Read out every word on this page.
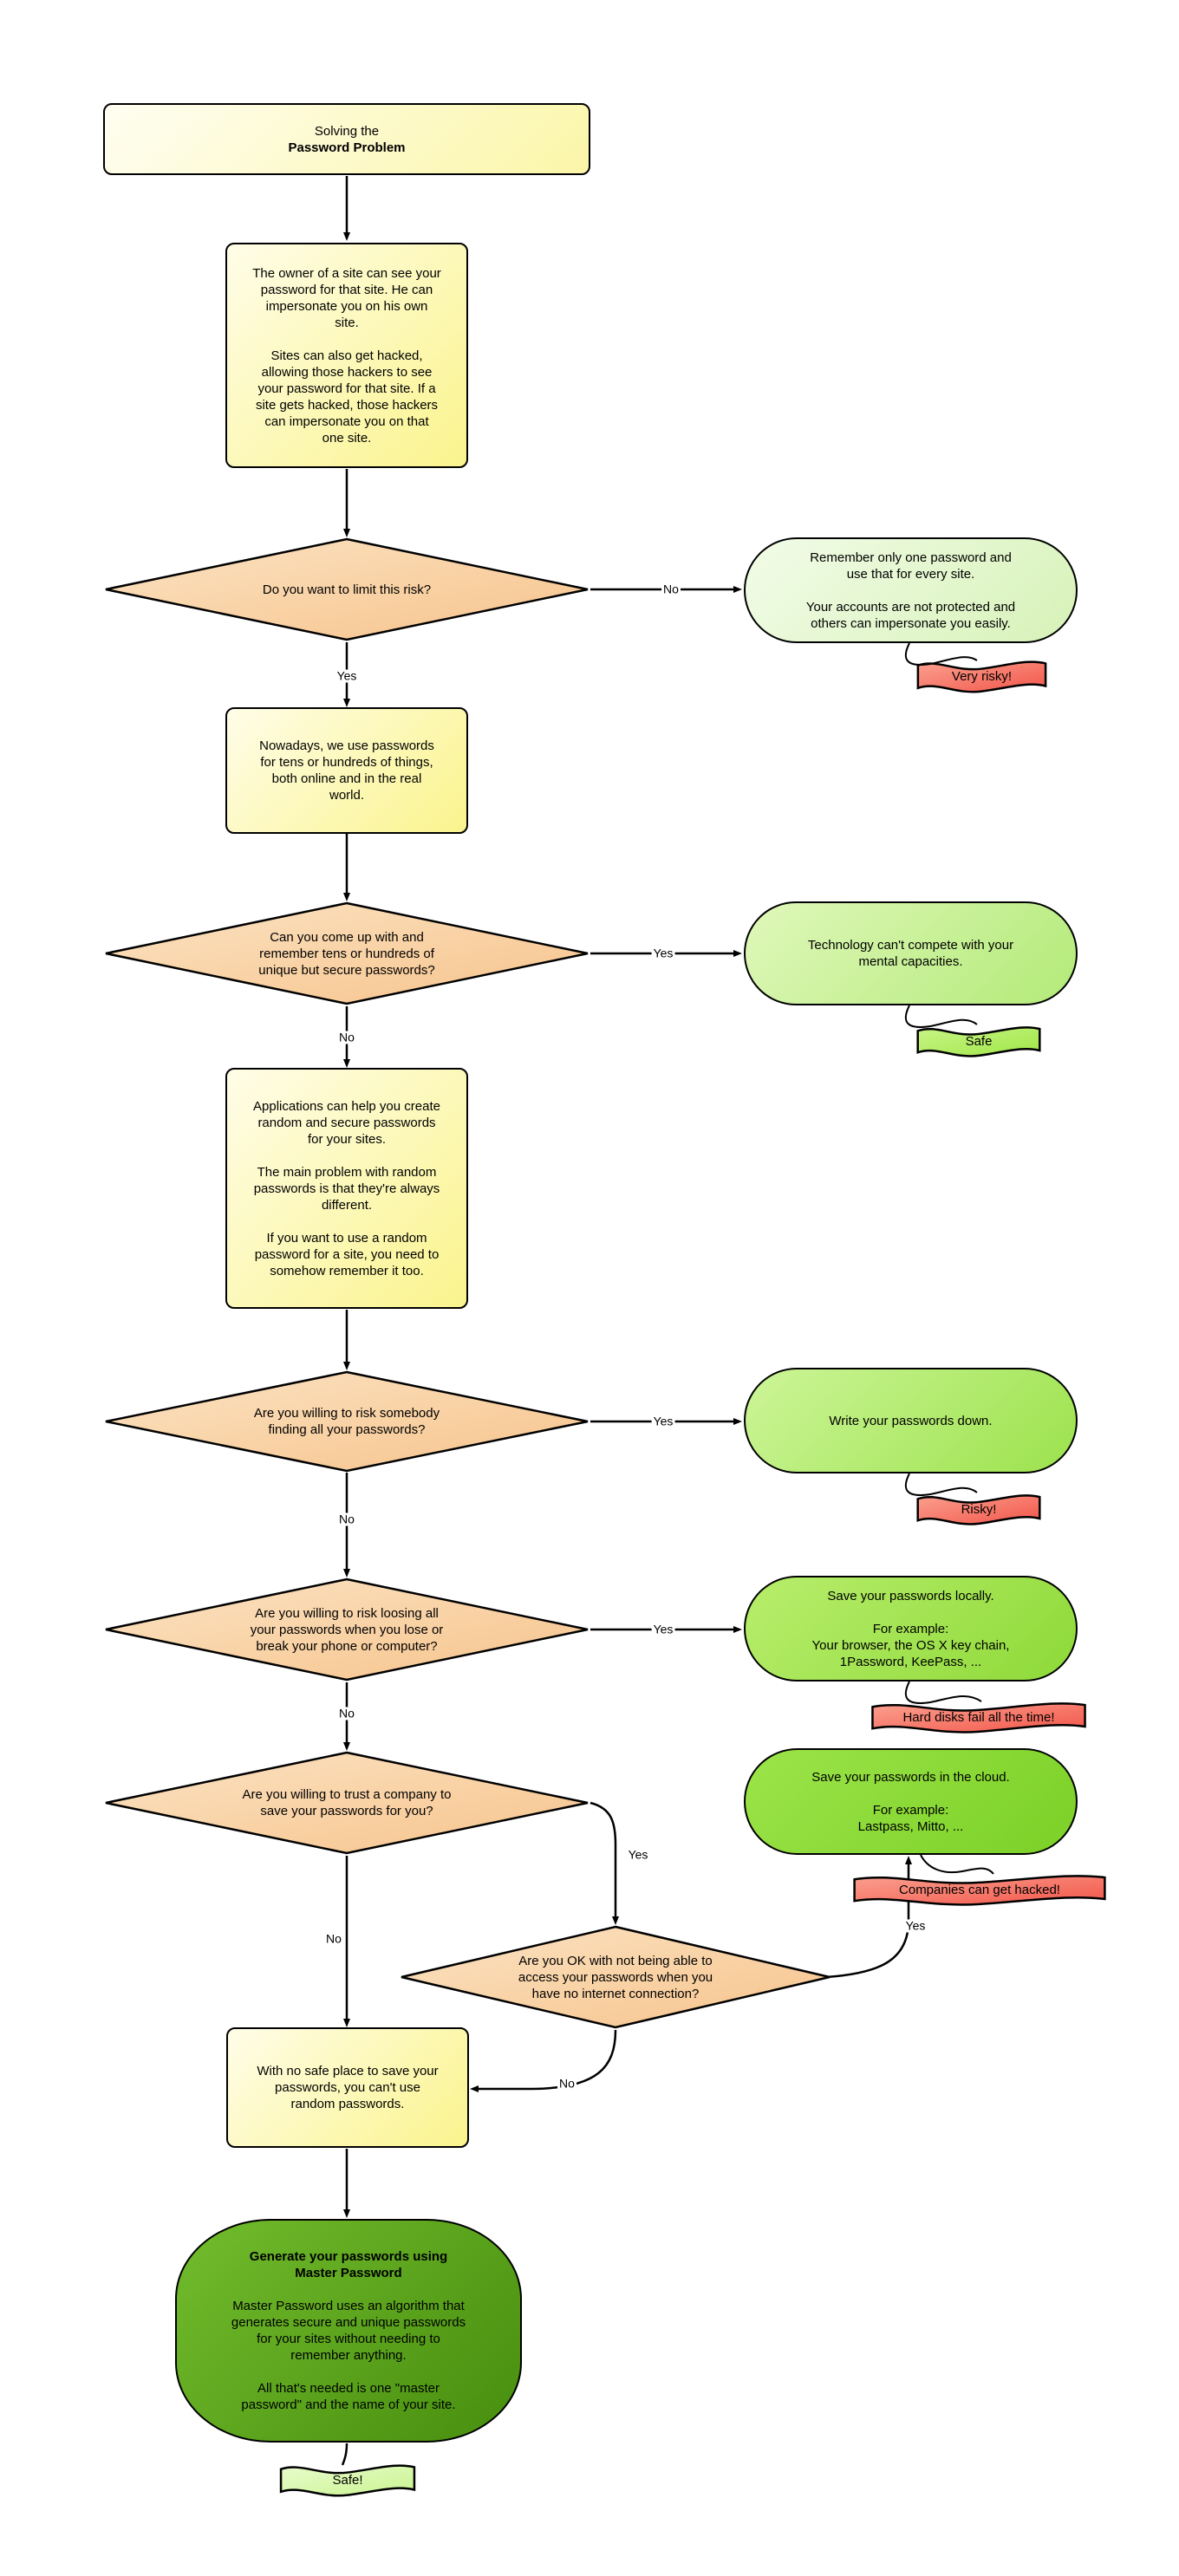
Solving the
Password Problem
The owner of a site can see your password for that site. He can impersonate you on his own site.
Sites can also get hacked, allowing those hackers to see your password for that site. If a site gets hacked, those hackers can impersonate you on that one site.
Do you want to limit this risk?
Remember only one password and use that for every site.
Your accounts are not protected and others can impersonate you easily.
Very risky!
Nowadays, we use passwords for tens or hundreds of things, both online and in the real world.
Can you come up with and remember tens or hundreds of unique but secure passwords?
Technology can't compete with your mental capacities.
Safe
Applications can help you create random and secure passwords for your sites.
The main problem with random passwords is that they're always different.
If you want to use a random password for a site, you need to somehow remember it too.
Are you willing to risk somebody finding all your passwords?
Write your passwords down.
Risky!
Are you willing to risk loosing all your passwords when you lose or break your phone or computer?
Save your passwords locally.
For example:
Your browser, the OS X key chain,
1Password, KeePass, ...
Hard disks fail all the time!
Are you willing to trust a company to save your passwords for you?
Save your passwords in the cloud.
For example:
Lastpass, Mitto, ...
Companies can get hacked!
Are you OK with not being able to access your passwords when you have no internet connection?
With no safe place to save your passwords, you can't use random passwords.
Generate your passwords using Master Password
Master Password uses an algorithm that generates secure and unique passwords for your sites without needing to remember anything.
All that's needed is one "master password" and the name of your site.
Safe!
No
Yes
Yes
No
Yes
No
Yes
No
Yes
No
Yes
No
